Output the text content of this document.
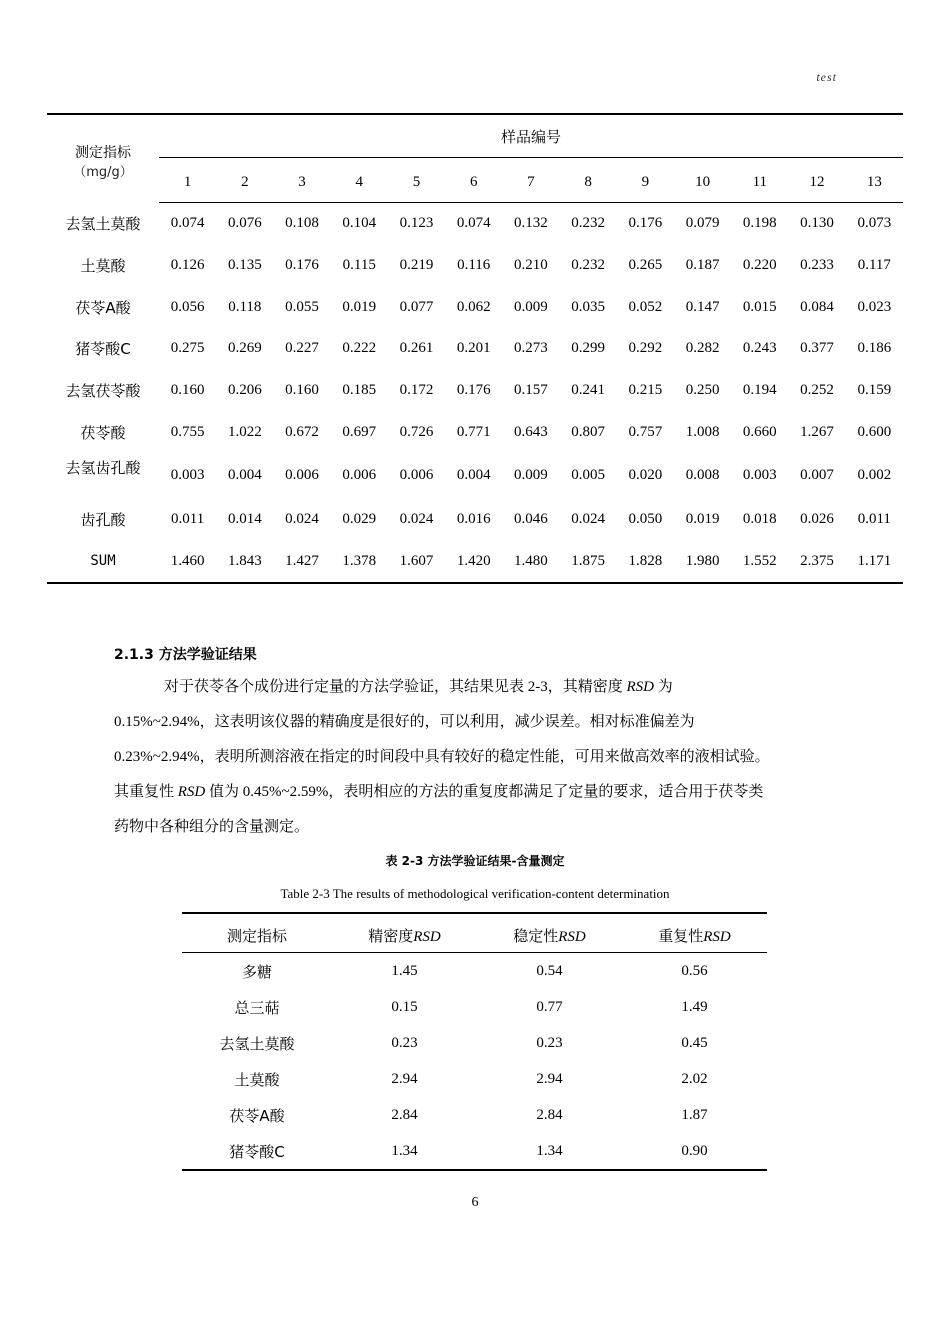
test
测定指标
（mg/g）	样品编号												
	1	2	3	4	5	6	7	8	9	10	11	12	13
去氢土莫酸	0.074	0.076	0.108	0.104	0.123	0.074	0.132	0.232	0.176	0.079	0.198	0.130	0.073
土莫酸	0.126	0.135	0.176	0.115	0.219	0.116	0.210	0.232	0.265	0.187	0.220	0.233	0.117
茯苓A酸	0.056	0.118	0.055	0.019	0.077	0.062	0.009	0.035	0.052	0.147	0.015	0.084	0.023
猪苓酸C	0.275	0.269	0.227	0.222	0.261	0.201	0.273	0.299	0.292	0.282	0.243	0.377	0.186
去氢茯苓酸	0.160	0.206	0.160	0.185	0.172	0.176	0.157	0.241	0.215	0.250	0.194	0.252	0.159
茯苓酸	0.755	1.022	0.672	0.697	0.726	0.771	0.643	0.807	0.757	1.008	0.660	1.267	0.600
去氢齿孔酸	0.003	0.004	0.006	0.006	0.006	0.004	0.009	0.005	0.020	0.008	0.003	0.007	0.002
齿孔酸	0.011	0.014	0.024	0.029	0.024	0.016	0.046	0.024	0.050	0.019	0.018	0.026	0.011
SUM	1.460	1.843	1.427	1.378	1.607	1.420	1.480	1.875	1.828	1.980	1.552	2.375	1.171
2.1.3 方法学验证结果
对于茯苓各个成份进行定量的方法学验证，其结果见表 2-3，其精密度 RSD 为
0.15%~2.94%，这表明该仪器的精确度是很好的，可以利用，减少误差。相对标准偏差为
0.23%~2.94%，表明所测溶液在指定的时间段中具有较好的稳定性能，可用来做高效率的液相试验。
其重复性 RSD 值为 0.45%~2.59%，表明相应的方法的重复度都满足了定量的要求，适合用于茯苓类
药物中各种组分的含量测定。
表 2-3 方法学验证结果-含量测定
Table 2-3 The results of methodological verification-content determination
测定指标	精密度RSD	稳定性RSD	重复性RSD
多糖	1.45	0.54	0.56
总三萜	0.15	0.77	1.49
去氢土莫酸	0.23	0.23	0.45
土莫酸	2.94	2.94	2.02
茯苓A酸	2.84	2.84	1.87
猪苓酸C	1.34	1.34	0.90
6
